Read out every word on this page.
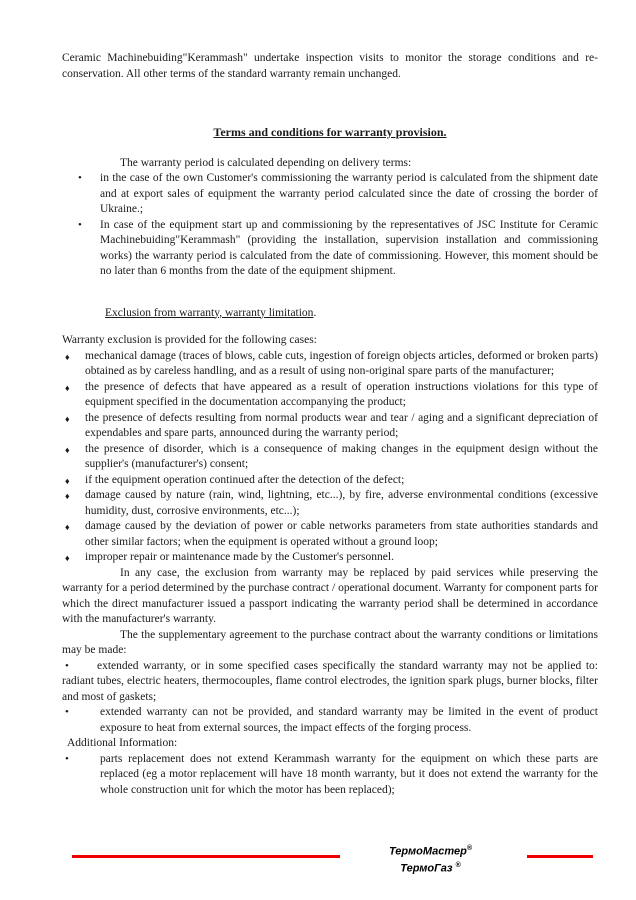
Ceramic Machinebuiding"Kerammash" undertake inspection visits to monitor the storage conditions and re-conservation. All other terms of the standard warranty remain unchanged.

Terms and conditions for warranty provision.

The warranty period is calculated depending on delivery terms:

• in the case of the own Customer's commissioning the warranty period is calculated from the shipment date and at export sales of equipment the warranty period calculated since the date of crossing the border of Ukraine.;
• In case of the equipment start up and commissioning by the representatives of JSC Institute for Ceramic Machinebuiding"Kerammash" (providing the installation, supervision installation and commissioning works) the warranty period is calculated from the date of commissioning. However, this moment should be no later than 6 months from the date of the equipment shipment.

Exclusion from warranty, warranty limitation.

Warranty exclusion is provided for the following cases:

♦ mechanical damage (traces of blows, cable cuts, ingestion of foreign objects articles, deformed or broken parts) obtained as by careless handling, and as a result of using non-original spare parts of the manufacturer;
♦ the presence of defects that have appeared as a result of operation instructions violations for this type of equipment specified in the documentation accompanying the product;
♦ the presence of defects resulting from normal products wear and tear / aging and a significant depreciation of expendables and spare parts, announced during the warranty period;
♦ the presence of disorder, which is a consequence of making changes in the equipment design without the supplier's (manufacturer's) consent;
♦ if the equipment operation continued after the detection of the defect;
♦ damage caused by nature (rain, wind, lightning, etc...), by fire, adverse environmental conditions (excessive humidity, dust, corrosive environments, etc...);
♦ damage caused by the deviation of power or cable networks parameters from state authorities standards and other similar factors; when the equipment is operated without a ground loop;
♦ improper repair or maintenance made by the Customer's personnel.

In any case, the exclusion from warranty may be replaced by paid services while preserving the warranty for a period determined by the purchase contract / operational document. Warranty for component parts for which the direct manufacturer issued a passport indicating the warranty period shall be determined in accordance with the manufacturer's warranty.

The the supplementary agreement to the purchase contract about the warranty conditions or limitations may be made:

• extended warranty, or in some specified cases specifically the standard warranty may not be applied to: radiant tubes, electric heaters, thermocouples, flame control electrodes, the ignition spark plugs, burner blocks, filter and most of gaskets;

•	extended warranty can not be provided, and standard warranty may be limited in the event of product exposure to heat from external sources, the impact effects of the forging process.

Additional Information:

•	parts replacement does not extend Kerammash warranty for the equipment on which these parts are replaced (eg a motor replacement will have 18 month warranty, but it does not extend the warranty for the whole construction unit for which the motor has been replaced);
ТермоМастер®
ТермоГаз ®
